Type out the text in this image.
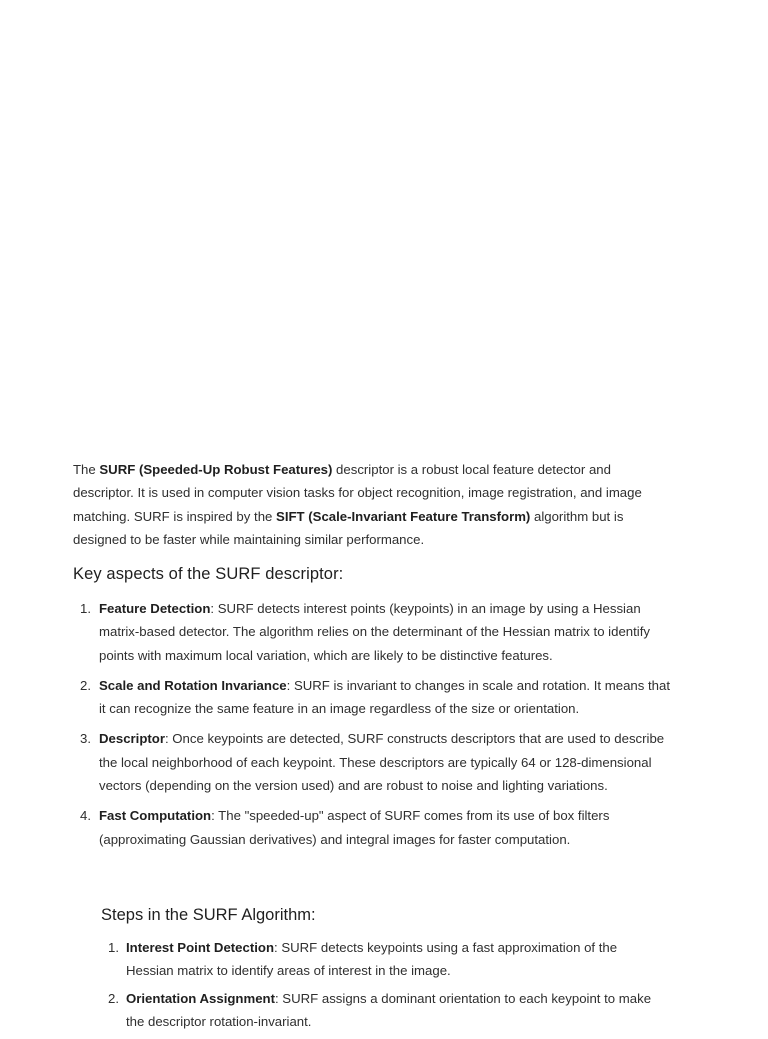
The SURF (Speeded-Up Robust Features) descriptor is a robust local feature detector and descriptor. It is used in computer vision tasks for object recognition, image registration, and image matching. SURF is inspired by the SIFT (Scale-Invariant Feature Transform) algorithm but is designed to be faster while maintaining similar performance.

Key aspects of the SURF descriptor:
1. Feature Detection: SURF detects interest points (keypoints) in an image by using a Hessian matrix-based detector. The algorithm relies on the determinant of the Hessian matrix to identify points with maximum local variation, which are likely to be distinctive features.
2. Scale and Rotation Invariance: SURF is invariant to changes in scale and rotation. It means that it can recognize the same feature in an image regardless of the size or orientation.
3. Descriptor: Once keypoints are detected, SURF constructs descriptors that are used to describe the local neighborhood of each keypoint. These descriptors are typically 64 or 128-dimensional vectors (depending on the version used) and are robust to noise and lighting variations.
4. Fast Computation: The "speeded-up" aspect of SURF comes from its use of box filters (approximating Gaussian derivatives) and integral images for faster computation.
Steps in the SURF Algorithm:
1. Interest Point Detection: SURF detects keypoints using a fast approximation of the Hessian matrix to identify areas of interest in the image.
2. Orientation Assignment: SURF assigns a dominant orientation to each keypoint to make the descriptor rotation-invariant.
